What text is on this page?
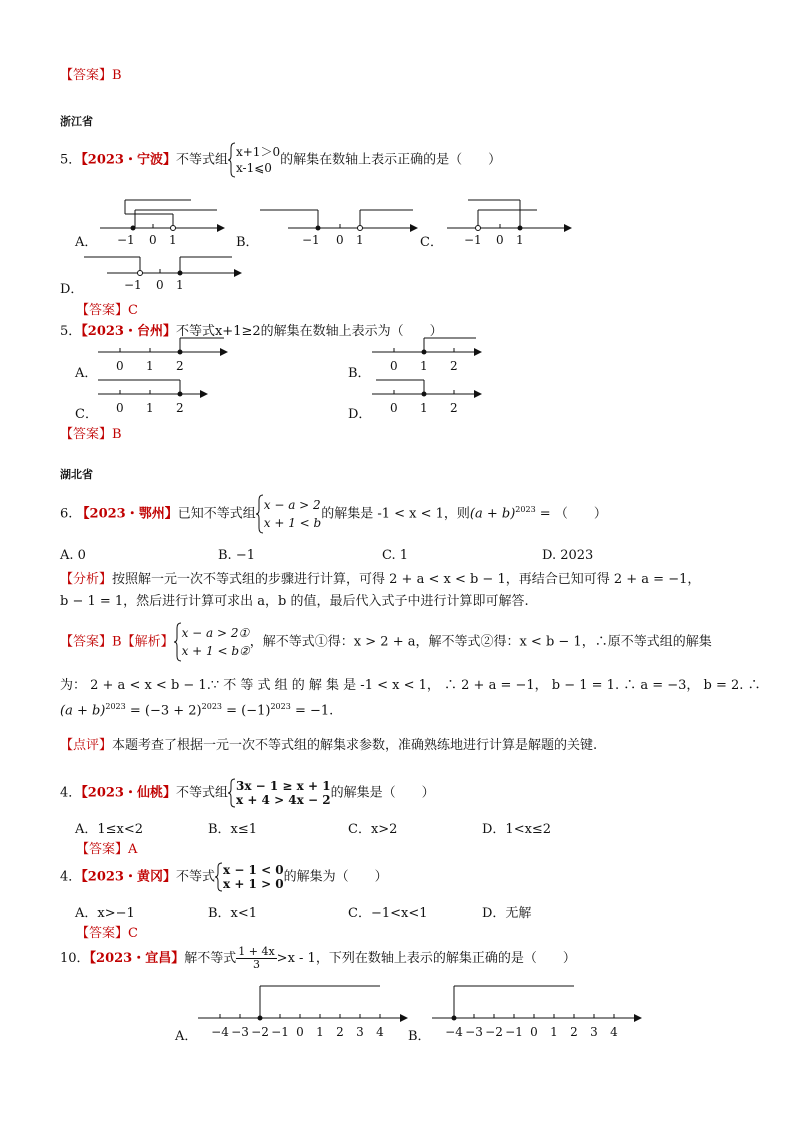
【答案】B
浙江省
5．【2023・宁波】不等式组
x+1＞0
x-1⩽0
的解集在数轴上表示正确的是（　　）
A． −1 0 1	B．	−1 0 1	C． −1 0 1
D．	−1 0 1
【答案】C
5．【2023・台州】不等式x+1≥2的解集在数轴上表示为（　　）
A． 0 1 2	B． 0 1 2
C． 0 1 2	D． 0 1 2
【答案】B
湖北省
6. 【2023・鄂州】已知不等式组
x − a > 2
x + 1 < b
的解集是 -1 < x < 1，则$(a + b)^{2023}$ = （　　）
A. 0	B. −1	C. 1	D. 2023
【分析】按照解一元一次不等式组的步骤进行计算，可得 2 + a < x < b − 1，再结合已知可得 2 + a = −1，
b − 1 = 1，然后进行计算可求出 a，b 的值，最后代入式子中进行计算即可解答.
【答案】B【解析】
x − a > 2①
x + 1 < b②
，解不等式①得：x > 2 + a，解不等式②得：x < b − 1，∴原不等式组的解集
为： 2 + a < x < b − 1.∵ 不 等 式 组 的 解 集 是 -1 < x < 1， ∴ 2 + a = −1， b − 1 = 1. ∴ a = −3， b = 2. ∴
$(a + b)^{2023} = (-3 + 2)^{2023} = (-1)^{2023} = -1$.
【点评】本题考查了根据一元一次不等式组的解集求参数，准确熟练地进行计算是解题的关键.
4．【2023・仙桃】不等式组 3x − 1 ≥ x + 1
x + 4 > 4x − 2 的解集是（　　）
A．1≤x<2	B．x≤1	C．x>2	D．1<x≤2
【答案】A
4．【2023・黄冈】不等式 x − 1 < 0
x + 1 > 0 的解集为（　　）
A．x>−1	B．x<1	C．−1<x<1	D．无解
【答案】C
10．【2023・宜昌】解不等式 $\frac{1 + 4x}{3} >x - 1$，下列在数轴上表示的解集正确的是（　　）
A． −4 −3 −2 −1 0 1 2 3 4 B． −4 −3 −2 −1 0 1 2 3 4
